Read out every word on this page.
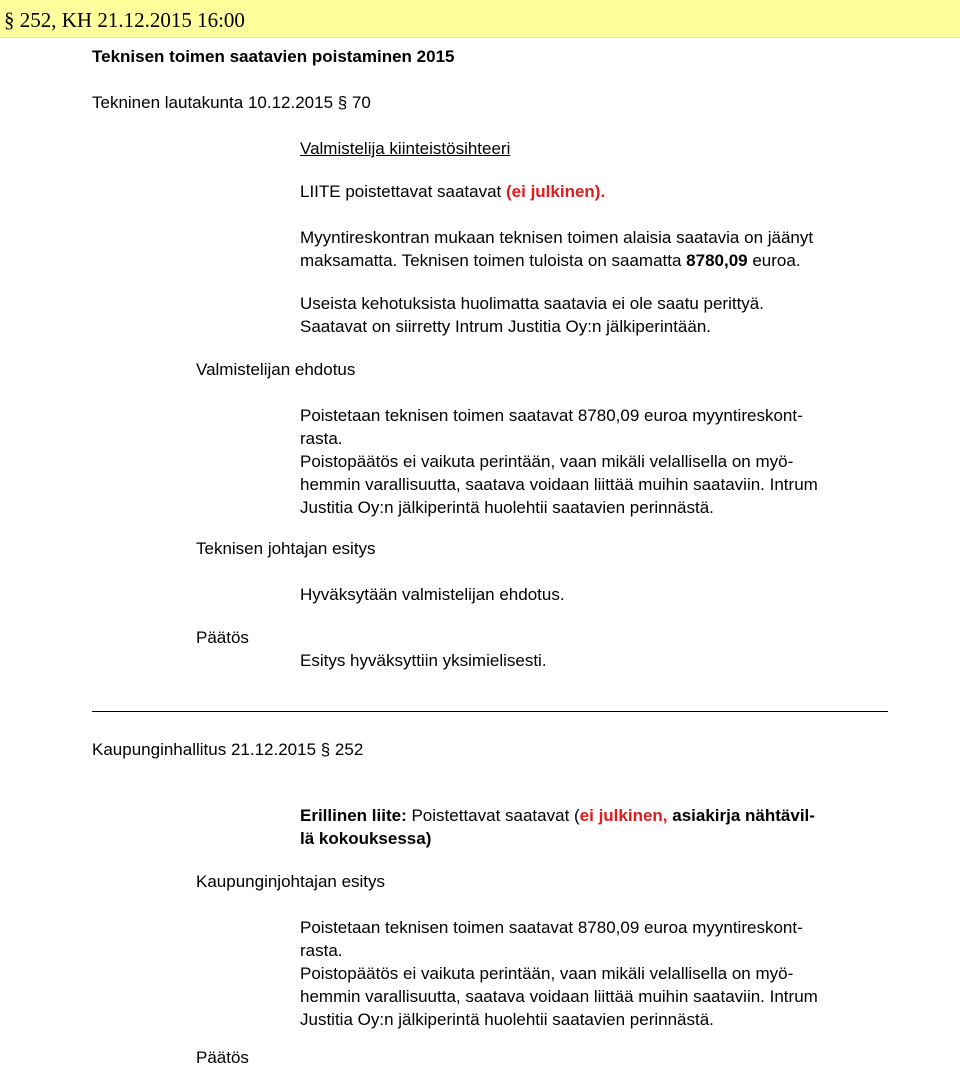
§ 252, KH 21.12.2015 16:00
Teknisen toimen saatavien poistaminen 2015
Tekninen lautakunta 10.12.2015 § 70
Valmistelija kiinteistösihteeri
LIITE poistettavat saatavat (ei julkinen).
Myyntireskontran mukaan teknisen toimen alaisia saatavia on jäänyt
maksamatta. Teknisen toimen tuloista on saamatta 8780,09 euroa.
Useista kehotuksista huolimatta saatavia ei ole saatu perittyä.
Saatavat on siirretty Intrum Justitia Oy:n jälkiperintään.
Valmistelijan ehdotus
Poistetaan teknisen toimen saatavat 8780,09 euroa myyntireskont-
rasta.
Poistopäätös ei vaikuta perintään, vaan mikäli velallisella on myö-
hemmin varallisuutta, saatava voidaan liittää muihin saataviin. Intrum
Justitia Oy:n jälkiperintä huolehtii saatavien perinnästä.
Teknisen johtajan esitys
Hyväksytään valmistelijan ehdotus.
Päätös
Esitys hyväksyttiin yksimielisesti.
Kaupunginhallitus 21.12.2015 § 252
Erillinen liite: Poistettavat saatavat (ei julkinen, asiakirja nähtävil-
lä kokouksessa)
Kaupunginjohtajan esitys
Poistetaan teknisen toimen saatavat 8780,09 euroa myyntireskont-
rasta.
Poistopäätös ei vaikuta perintään, vaan mikäli velallisella on myö-
hemmin varallisuutta, saatava voidaan liittää muihin saataviin. Intrum
Justitia Oy:n jälkiperintä huolehtii saatavien perinnästä.
Päätös
